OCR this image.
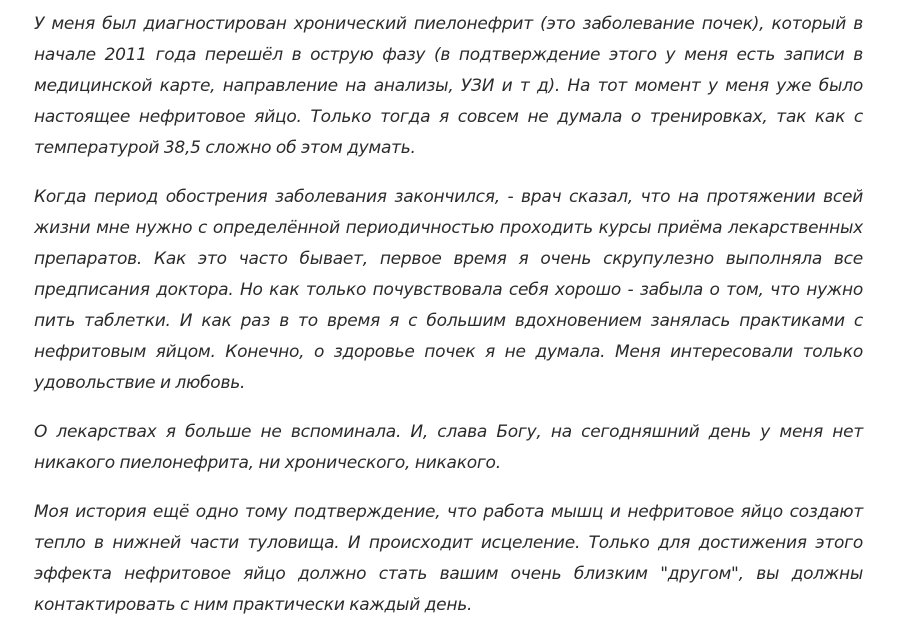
У меня был диагностирован хронический пиелонефрит (это заболевание почек), который в начале 2011 года перешёл в острую фазу (в подтверждение этого у меня есть записи в медицинской карте, направление на анализы, УЗИ и т д). На тот момент у меня уже было настоящее нефритовое яйцо. Только тогда я совсем не думала о тренировках, так как с температурой 38,5 сложно об этом думать.

Когда период обострения заболевания закончился, - врач сказал, что на протяжении всей жизни мне нужно с определённой периодичностью проходить курсы приёма лекарственных препаратов. Как это часто бывает, первое время я очень скрупулезно выполняла все предписания доктора. Но как только почувствовала себя хорошо - забыла о том, что нужно пить таблетки. И как раз в то время я с большим вдохновением занялась практиками с нефритовым яйцом. Конечно, о здоровье почек я не думала. Меня интересовали только удовольствие и любовь.

О лекарствах я больше не вспоминала. И, слава Богу, на сегодняшний день у меня нет никакого пиелонефрита, ни хронического, никакого.

Моя история ещё одно тому подтверждение, что работа мышц и нефритовое яйцо создают тепло в нижней части туловища. И происходит исцеление. Только для достижения этого эффекта нефритовое яйцо должно стать вашим очень близким "другом", вы должны контактировать с ним практически каждый день.
